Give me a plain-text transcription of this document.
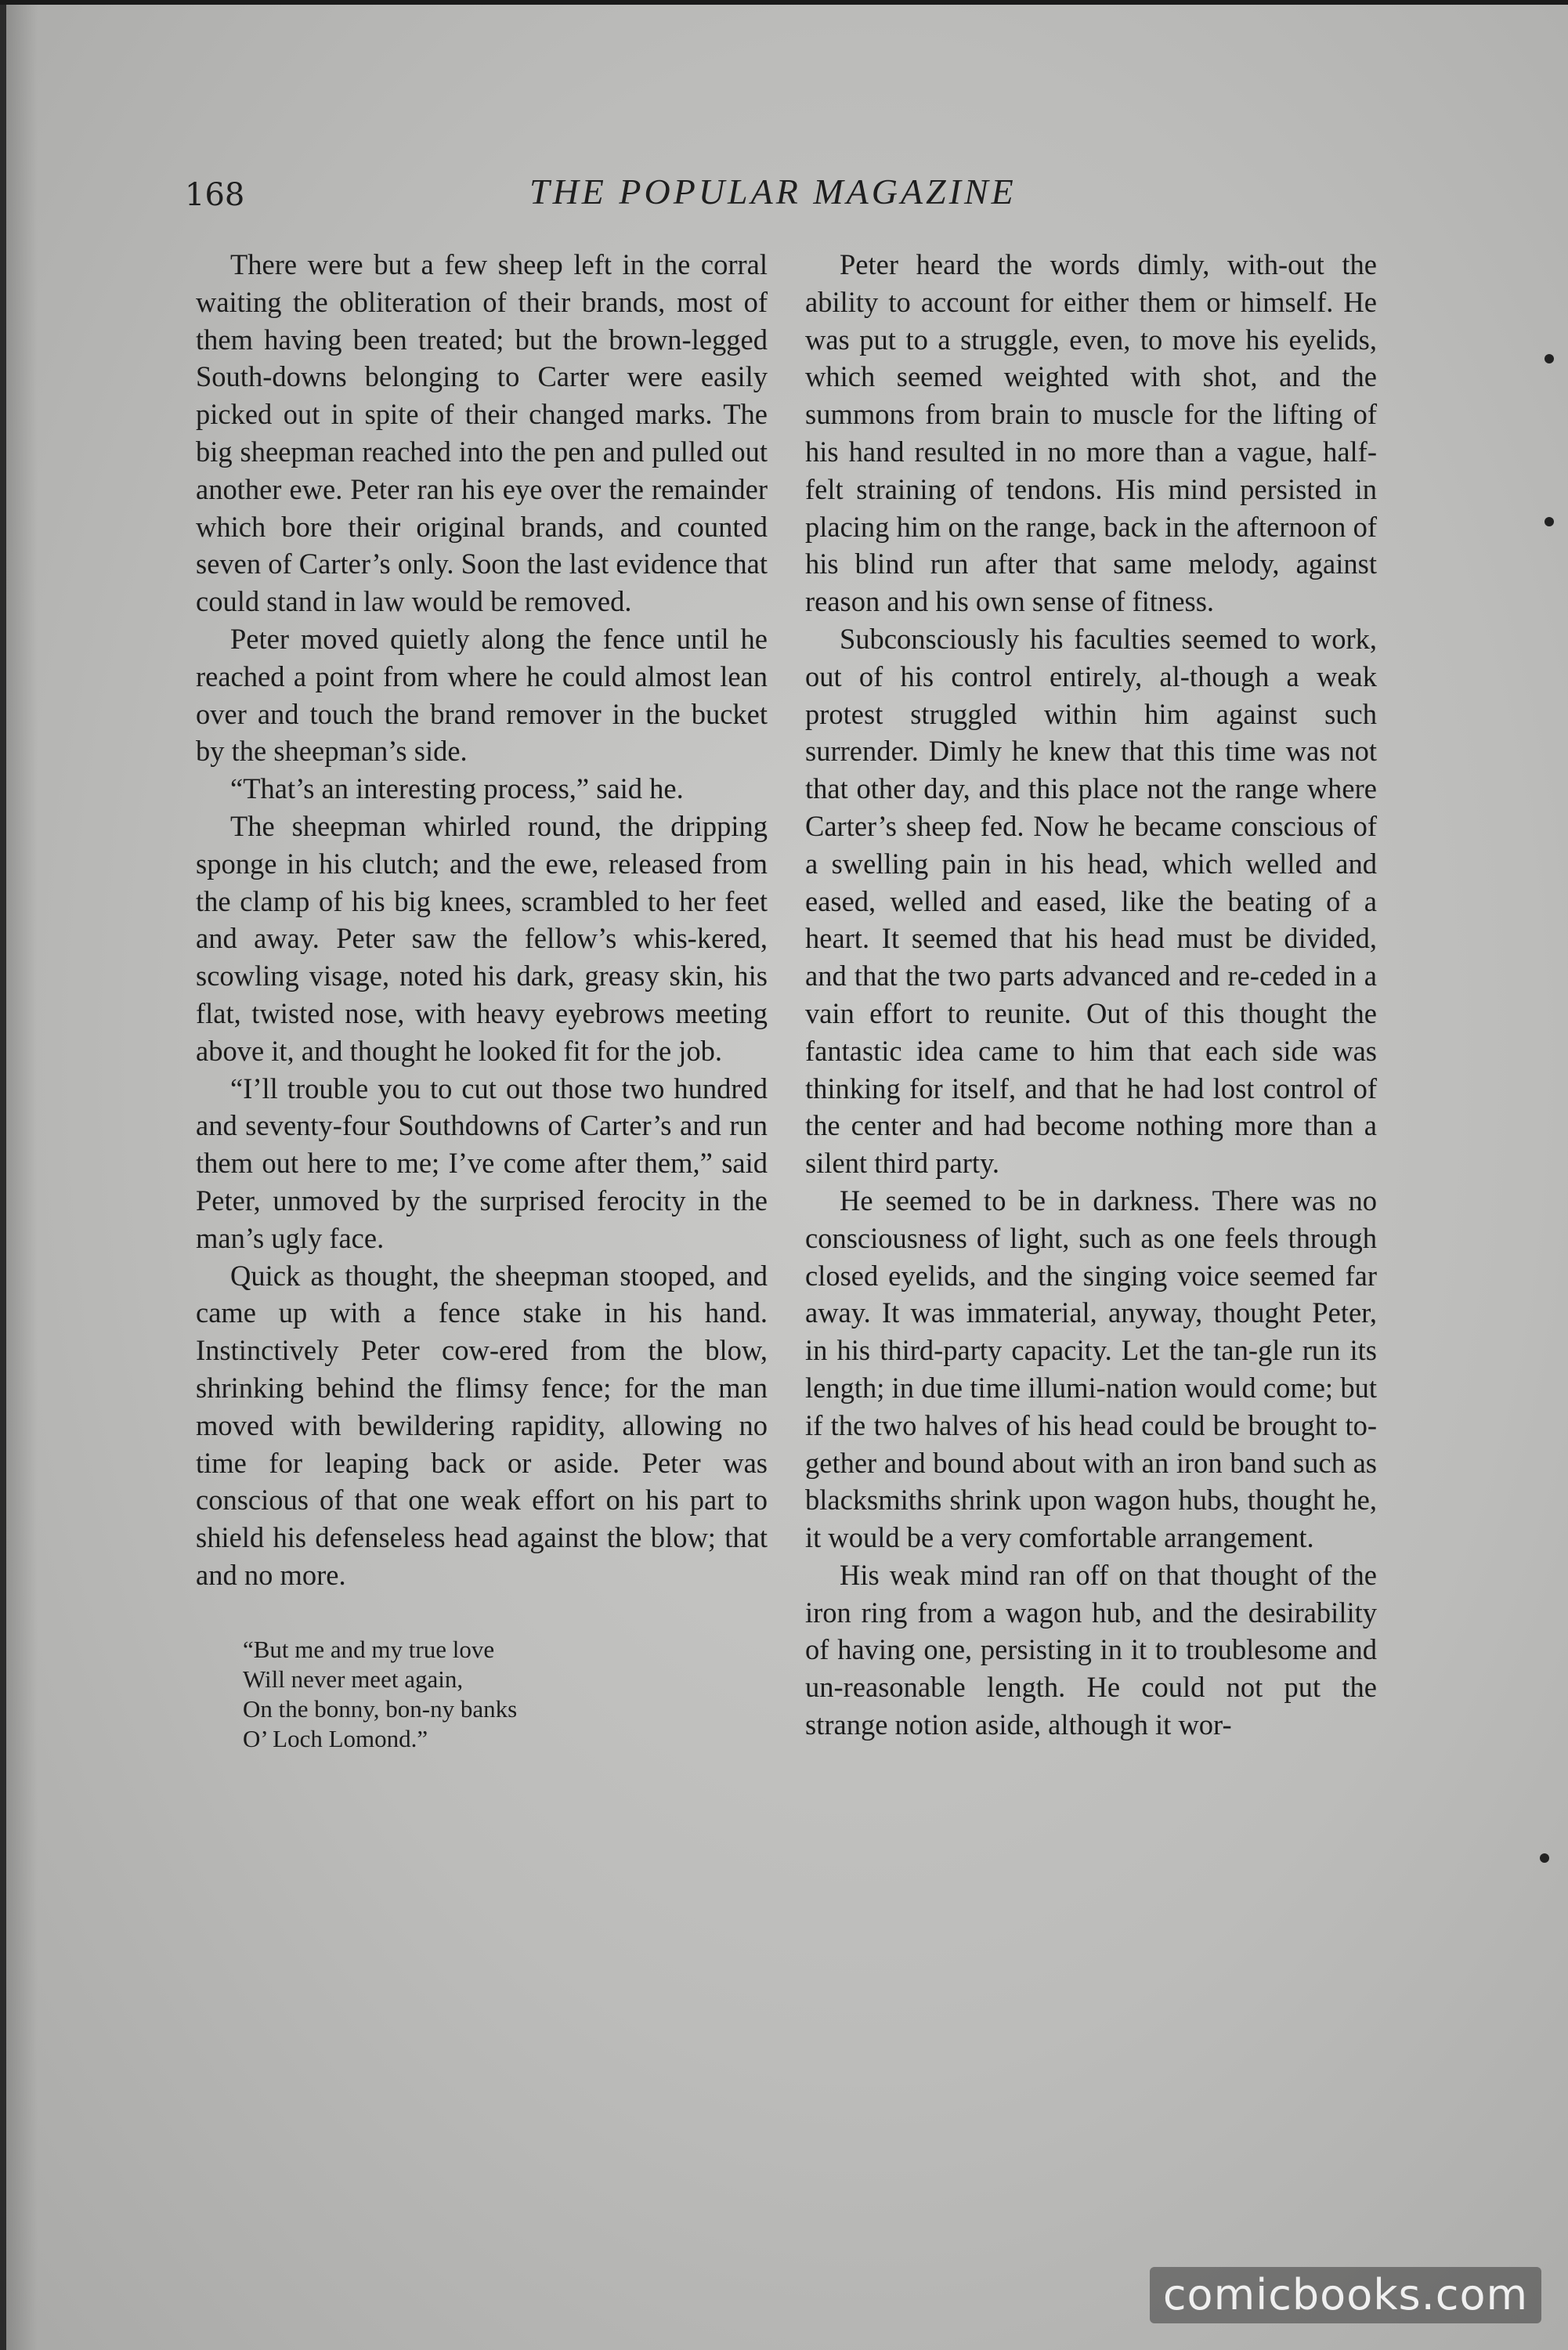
168	THE POPULAR MAGAZINE

There were but a few sheep left in the corral waiting the obliteration of their brands, most of them having been treated; but the brown-legged South-downs belonging to Carter were easily picked out in spite of their changed marks. The big sheepman reached into the pen and pulled out another ewe. Peter ran his eye over the remainder which bore their original brands, and counted seven of Carter’s only. Soon the last evidence that could stand in law would be removed.

Peter moved quietly along the fence until he reached a point from where he could almost lean over and touch the brand remover in the bucket by the sheepman’s side.

“That’s an interesting process,” said he.

The sheepman whirled round, the dripping sponge in his clutch; and the ewe, released from the clamp of his big knees, scrambled to her feet and away. Peter saw the fellow’s whis-kered, scowling visage, noted his dark, greasy skin, his flat, twisted nose, with heavy eyebrows meeting above it, and thought he looked fit for the job.

“I’ll trouble you to cut out those two hundred and seventy-four Southdowns of Carter’s and run them out here to me; I’ve come after them,” said Peter, unmoved by the surprised ferocity in the man’s ugly face.

Quick as thought, the sheepman stooped, and came up with a fence stake in his hand. Instinctively Peter cow-ered from the blow, shrinking behind the flimsy fence; for the man moved with bewildering rapidity, allowing no time for leaping back or aside. Peter was conscious of that one weak effort on his part to shield his defenseless head against the blow; that and no more.

“But me and my true love
Will never meet again,
On the bonny, bon-ny banks
O’ Loch Lomond.”

Peter heard the words dimly, with-out the ability to account for either them or himself. He was put to a struggle, even, to move his eyelids, which seemed weighted with shot, and the summons from brain to muscle for the lifting of his hand resulted in no more than a vague, half-felt straining of tendons. His mind persisted in placing him on the range, back in the afternoon of his blind run after that same melody, against reason and his own sense of fitness.

Subconsciously his faculties seemed to work, out of his control entirely, al-though a weak protest struggled within him against such surrender. Dimly he knew that this time was not that other day, and this place not the range where Carter’s sheep fed. Now he became conscious of a swelling pain in his head, which welled and eased, welled and eased, like the beating of a heart. It seemed that his head must be divided, and that the two parts advanced and re-ceded in a vain effort to reunite. Out of this thought the fantastic idea came to him that each side was thinking for itself, and that he had lost control of the center and had become nothing more than a silent third party.

He seemed to be in darkness. There was no consciousness of light, such as one feels through closed eyelids, and the singing voice seemed far away. It was immaterial, anyway, thought Peter, in his third-party capacity. Let the tan-gle run its length; in due time illumi-nation would come; but if the two halves of his head could be brought to-gether and bound about with an iron band such as blacksmiths shrink upon wagon hubs, thought he, it would be a very comfortable arrangement.

His weak mind ran off on that thought of the iron ring from a wagon hub, and the desirability of having one, persisting in it to troublesome and un-reasonable length. He could not put the strange notion aside, although it wor-

comicbooks.com
